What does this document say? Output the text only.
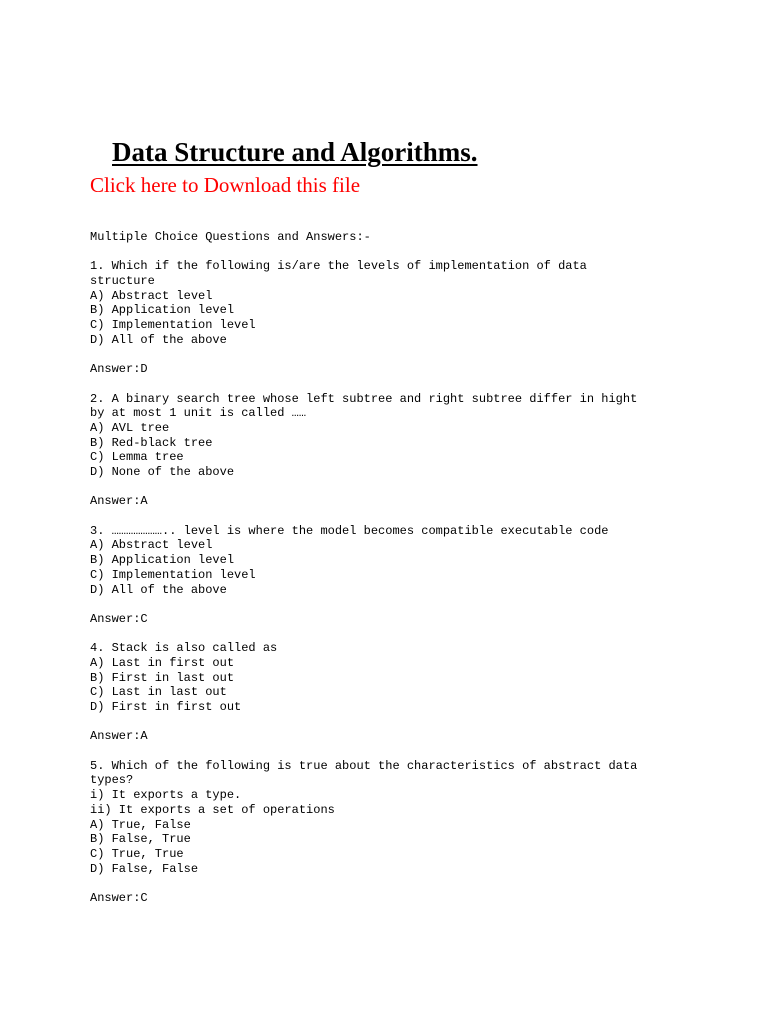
Data Structure and Algorithms.
Click here to Download this file
Multiple Choice Questions and Answers:-
1. Which if the following is/are the levels of implementation of data
structure
A) Abstract level
B) Application level
C) Implementation level
D) All of the above
Answer:D
2. A binary search tree whose left subtree and right subtree differ in hight
by at most 1 unit is called ……
A) AVL tree
B) Red-black tree
C) Lemma tree
D) None of the above
Answer:A
3. ………………….. level is where the model becomes compatible executable code
A) Abstract level
B) Application level
C) Implementation level
D) All of the above
Answer:C
4. Stack is also called as
A) Last in first out
B) First in last out
C) Last in last out
D) First in first out
Answer:A
5. Which of the following is true about the characteristics of abstract data
types?
i) It exports a type.
ii) It exports a set of operations
A) True, False
B) False, True
C) True, True
D) False, False
Answer:C
